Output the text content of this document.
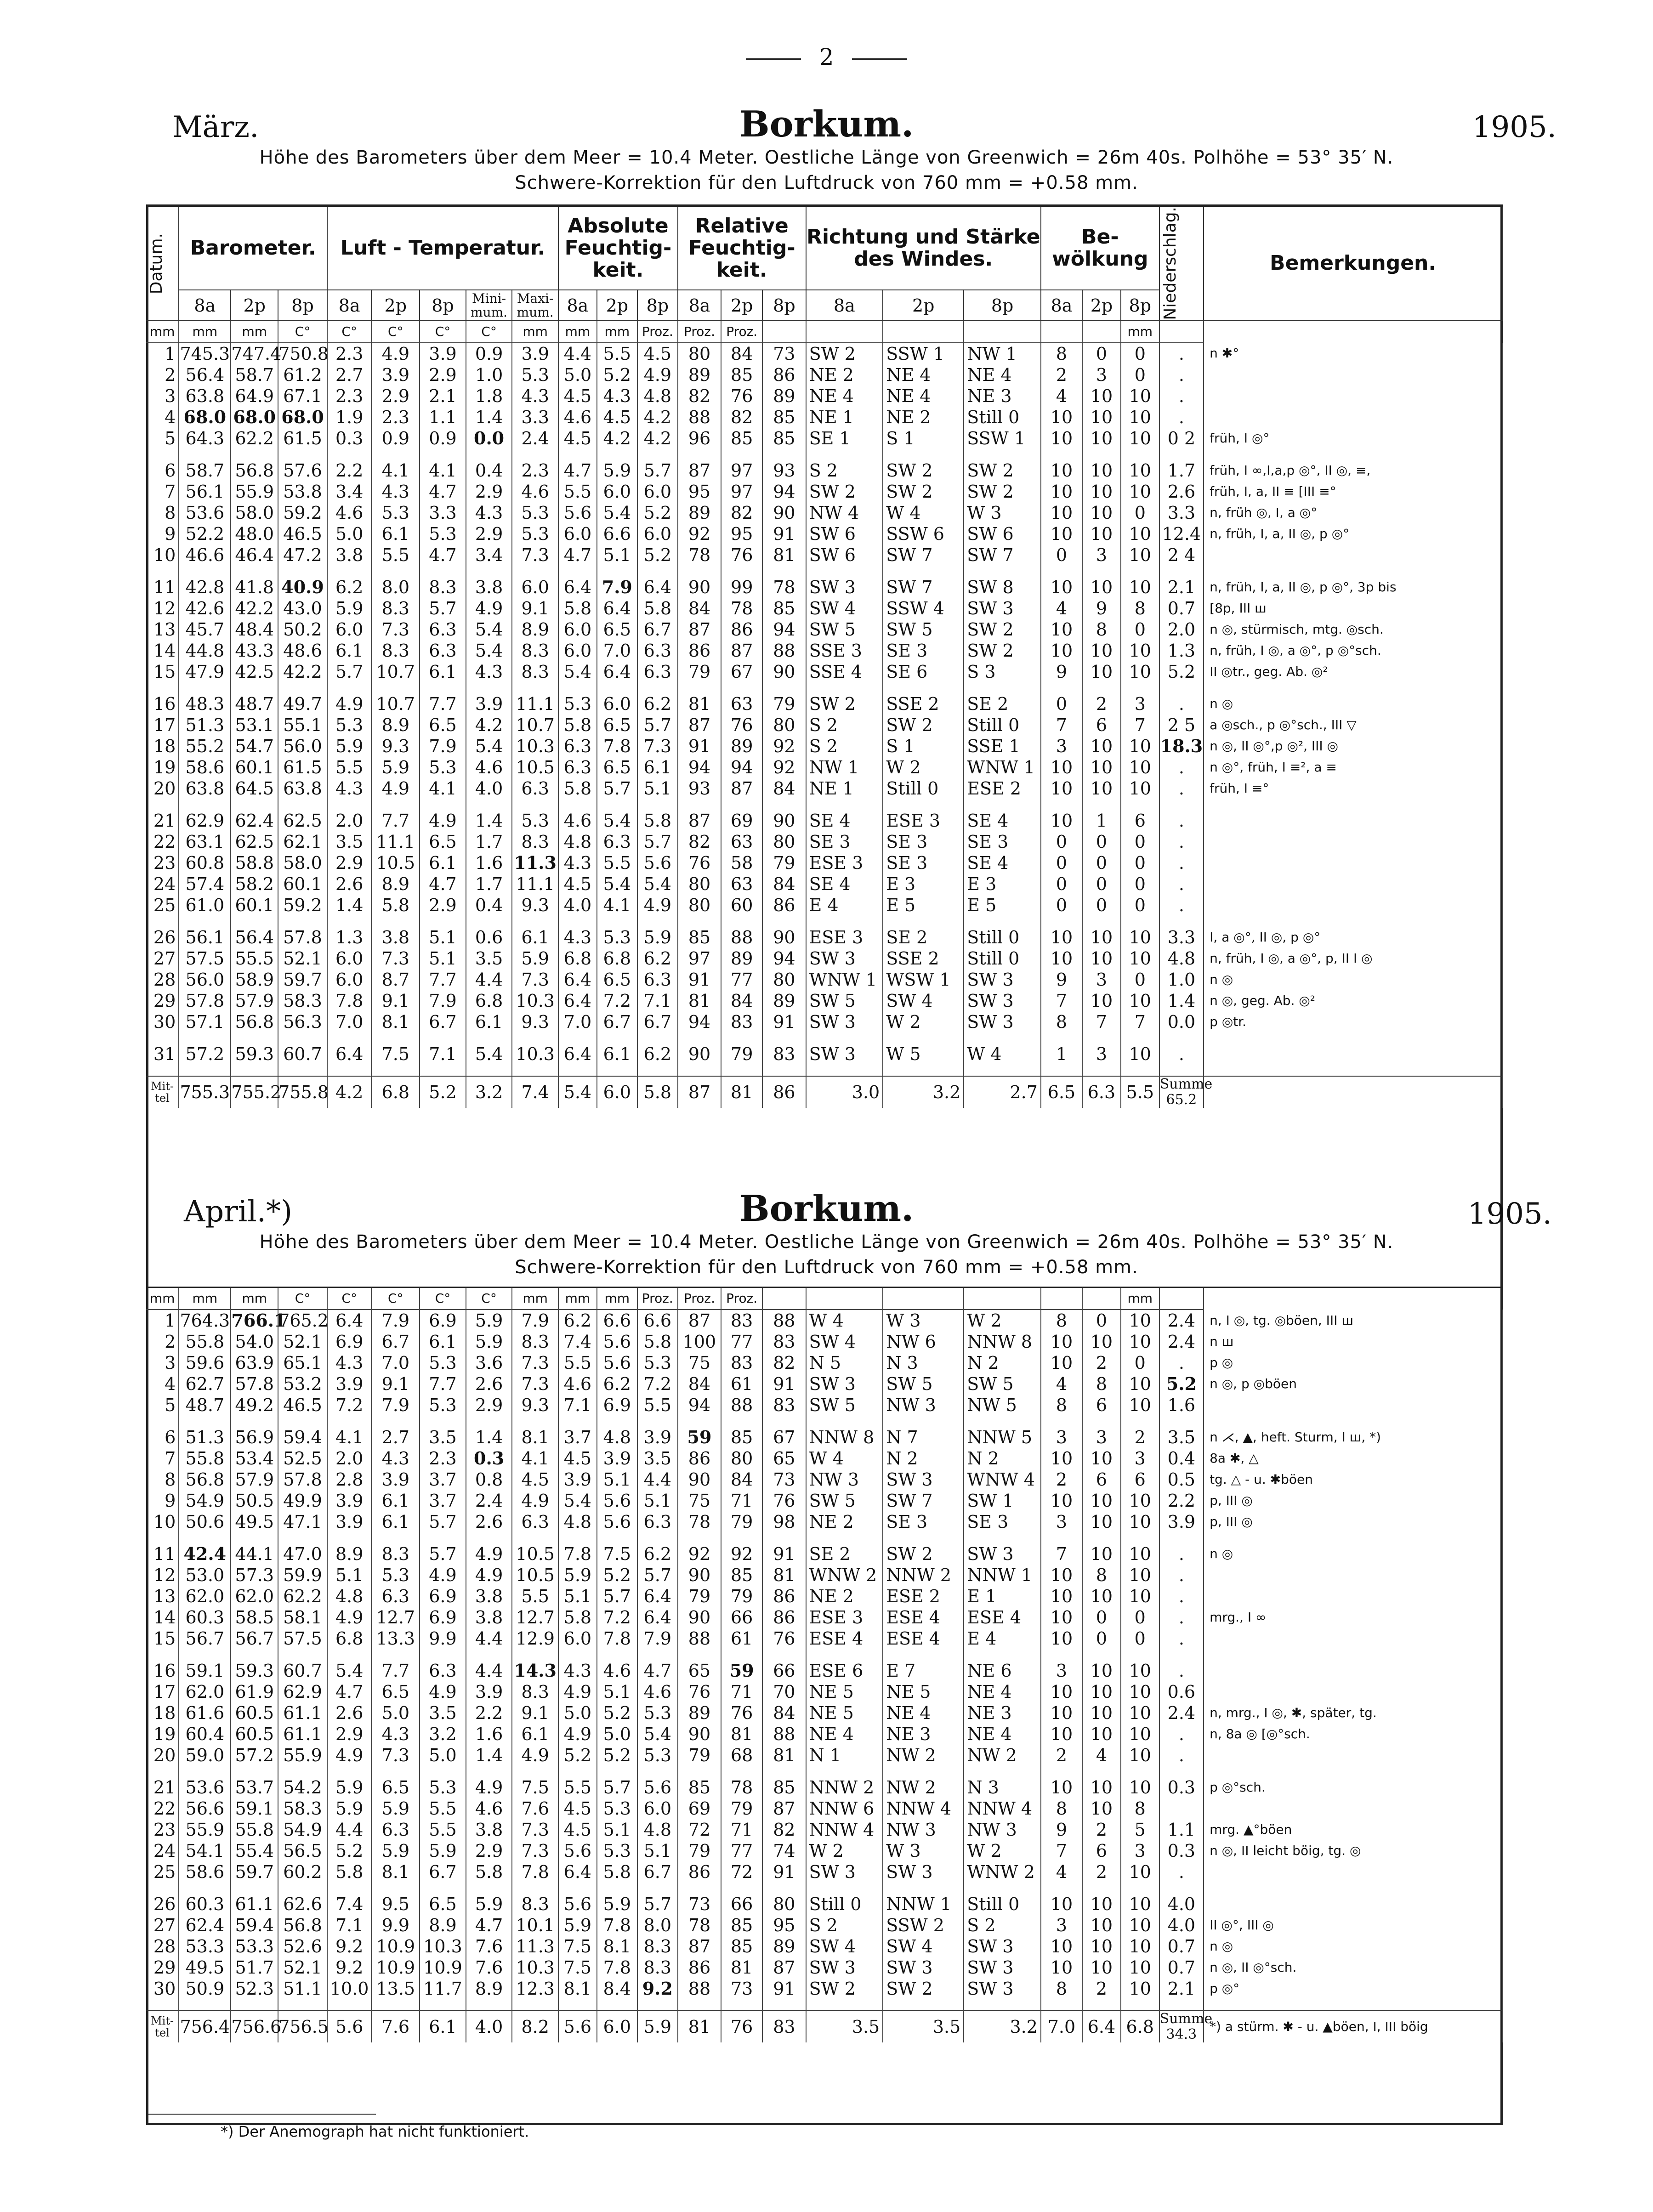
2
März.	Borkum.	1905.
Höhe des Barometers über dem Meer = 10.4 Meter. Oestliche Länge von Greenwich = 26m 40s. Polhöhe = 53° 35′ N.
Schwere-Korrektion für den Luftdruck von 760 mm = +0.58 mm.
Datum.	Barometer.			Luft - Temperatur.					Absolute Feuchtig- keit.			Relative Feuchtig- keit.			Richtung und Stärke des Windes.			Be- wölkung			Niederschlag.	Bemerkungen.
	8a	2p	8p	8a	2p	8p	Mini- mum.	Maxi- mum.	8a	2p	8p	8a	2p	8p	8a	2p	8p	8a	2p	8p		
mm	mm	mm	C°	C°	C°	C°	C°	mm	mm	mm	Proz.	Proz.	Proz.							mm		
1	745.3	747.4	750.8	2.3	4.9	3.9	0.9	3.9	4.4	5.5	4.5	80	84	73	SW 2	SSW 1	NW 1	8	0	0	.	n ✱°
2	56.4	58.7	61.2	2.7	3.9	2.9	1.0	5.3	5.0	5.2	4.9	89	85	86	NE 2	NE 4	NE 4	2	3	0	.	
3	63.8	64.9	67.1	2.3	2.9	2.1	1.8	4.3	4.5	4.3	4.8	82	76	89	NE 4	NE 4	NE 3	4	10	10	.	
4	68.0	68.0	68.0	1.9	2.3	1.1	1.4	3.3	4.6	4.5	4.2	88	82	85	NE 1	NE 2	Still 0	10	10	10	.	
5	64.3	62.2	61.5	0.3	0.9	0.9	0.0	2.4	4.5	4.2	4.2	96	85	85	SE 1	S 1	SSW 1	10	10	10	0 2	früh, I ◎°

6	58.7	56.8	57.6	2.2	4.1	4.1	0.4	2.3	4.7	5.9	5.7	87	97	93	S 2	SW 2	SW 2	10	10	10	1.7	früh, I ∞,I,a,p ◎°, II ◎, ≡,
7	56.1	55.9	53.8	3.4	4.3	4.7	2.9	4.6	5.5	6.0	6.0	95	97	94	SW 2	SW 2	SW 2	10	10	10	2.6	früh, I, a, II ≡ [III ≡°
8	53.6	58.0	59.2	4.6	5.3	3.3	4.3	5.3	5.6	5.4	5.2	89	82	90	NW 4	W 4	W 3	10	10	0	3.3	n, früh ◎, I, a ◎°
9	52.2	48.0	46.5	5.0	6.1	5.3	2.9	5.3	6.0	6.6	6.0	92	95	91	SW 6	SSW 6	SW 6	10	10	10	12.4	n, früh, I, a, II ◎, p ◎°
10	46.6	46.4	47.2	3.8	5.5	4.7	3.4	7.3	4.7	5.1	5.2	78	76	81	SW 6	SW 7	SW 7	0	3	10	2 4	

11	42.8	41.8	40.9	6.2	8.0	8.3	3.8	6.0	6.4	7.9	6.4	90	99	78	SW 3	SW 7	SW 8	10	10	10	2.1	n, früh, I, a, II ◎, p ◎°, 3p bis
12	42.6	42.2	43.0	5.9	8.3	5.7	4.9	9.1	5.8	6.4	5.8	84	78	85	SW 4	SSW 4	SW 3	4	9	8	0.7	[8p, III ш
13	45.7	48.4	50.2	6.0	7.3	6.3	5.4	8.9	6.0	6.5	6.7	87	86	94	SW 5	SW 5	SW 2	10	8	0	2.0	n ◎, stürmisch, mtg. ◎sch.
14	44.8	43.3	48.6	6.1	8.3	6.3	5.4	8.3	6.0	7.0	6.3	86	87	88	SSE 3	SE 3	SW 2	10	10	10	1.3	n, früh, I ◎, a ◎°, p ◎°sch.
15	47.9	42.5	42.2	5.7	10.7	6.1	4.3	8.3	5.4	6.4	6.3	79	67	90	SSE 4	SE 6	S 3	9	10	10	5.2	II ◎tr., geg. Ab. ◎²

16	48.3	48.7	49.7	4.9	10.7	7.7	3.9	11.1	5.3	6.0	6.2	81	63	79	SW 2	SSE 2	SE 2	0	2	3	.	n ◎
17	51.3	53.1	55.1	5.3	8.9	6.5	4.2	10.7	5.8	6.5	5.7	87	76	80	S 2	SW 2	Still 0	7	6	7	2 5	a ◎sch., p ◎°sch., III ▽
18	55.2	54.7	56.0	5.9	9.3	7.9	5.4	10.3	6.3	7.8	7.3	91	89	92	S 2	S 1	SSE 1	3	10	10	18.3	n ◎, II ◎°,p ◎², III ◎
19	58.6	60.1	61.5	5.5	5.9	5.3	4.6	10.5	6.3	6.5	6.1	94	94	92	NW 1	W 2	WNW 1	10	10	10	.	n ◎°, früh, I ≡², a ≡
20	63.8	64.5	63.8	4.3	4.9	4.1	4.0	6.3	5.8	5.7	5.1	93	87	84	NE 1	Still 0	ESE 2	10	10	10	.	früh, I ≡°

21	62.9	62.4	62.5	2.0	7.7	4.9	1.4	5.3	4.6	5.4	5.8	87	69	90	SE 4	ESE 3	SE 4	10	1	6	.	
22	63.1	62.5	62.1	3.5	11.1	6.5	1.7	8.3	4.8	6.3	5.7	82	63	80	SE 3	SE 3	SE 3	0	0	0	.	
23	60.8	58.8	58.0	2.9	10.5	6.1	1.6	11.3	4.3	5.5	5.6	76	58	79	ESE 3	SE 3	SE 4	0	0	0	.	
24	57.4	58.2	60.1	2.6	8.9	4.7	1.7	11.1	4.5	5.4	5.4	80	63	84	SE 4	E 3	E 3	0	0	0	.	
25	61.0	60.1	59.2	1.4	5.8	2.9	0.4	9.3	4.0	4.1	4.9	80	60	86	E 4	E 5	E 5	0	0	0	.	

26	56.1	56.4	57.8	1.3	3.8	5.1	0.6	6.1	4.3	5.3	5.9	85	88	90	ESE 3	SE 2	Still 0	10	10	10	3.3	I, a ◎°, II ◎, p ◎°
27	57.5	55.5	52.1	6.0	7.3	5.1	3.5	5.9	6.8	6.8	6.2	97	89	94	SW 3	SSE 2	Still 0	10	10	10	4.8	n, früh, I ◎, a ◎°, p, II I ◎
28	56.0	58.9	59.7	6.0	8.7	7.7	4.4	7.3	6.4	6.5	6.3	91	77	80	WNW 1	WSW 1	SW 3	9	3	0	1.0	n ◎
29	57.8	57.9	58.3	7.8	9.1	7.9	6.8	10.3	6.4	7.2	7.1	81	84	89	SW 5	SW 4	SW 3	7	10	10	1.4	n ◎, geg. Ab. ◎²
30	57.1	56.8	56.3	7.0	8.1	6.7	6.1	9.3	7.0	6.7	6.7	94	83	91	SW 3	W 2	SW 3	8	7	7	0.0	p ◎tr.

31	57.2	59.3	60.7	6.4	7.5	7.1	5.4	10.3	6.4	6.1	6.2	90	79	83	SW 3	W 5	W 4	1	3	10	.	

Mit- tel	755.3	755.2	755.8	4.2	6.8	5.2	3.2	7.4	5.4	6.0	5.8	87	81	86	3.0	3.2	2.7	6.5	6.3	5.5	Summe 65.2	
April.*)	Borkum.	1905.
Höhe des Barometers über dem Meer = 10.4 Meter. Oestliche Länge von Greenwich = 26m 40s. Polhöhe = 53° 35′ N.
Schwere-Korrektion für den Luftdruck von 760 mm = +0.58 mm.
mm	mm	mm	C°	C°	C°	C°	C°	mm	mm	mm	Proz.	Proz.	Proz.							mm		
1	764.3	766.1	765.2	6.4	7.9	6.9	5.9	7.9	6.2	6.6	6.6	87	83	88	W 4	W 3	W 2	8	0	10	2.4	n, I ◎, tg. ◎böen, III ш
2	55.8	54.0	52.1	6.9	6.7	6.1	5.9	8.3	7.4	5.6	5.8	100	77	83	SW 4	NW 6	NNW 8	10	10	10	2.4	n ш
3	59.6	63.9	65.1	4.3	7.0	5.3	3.6	7.3	5.5	5.6	5.3	75	83	82	N 5	N 3	N 2	10	2	0	.	p ◎
4	62.7	57.8	53.2	3.9	9.1	7.7	2.6	7.3	4.6	6.2	7.2	84	61	91	SW 3	SW 5	SW 5	4	8	10	5.2	n ◎, p ◎böen
5	48.7	49.2	46.5	7.2	7.9	5.3	2.9	9.3	7.1	6.9	5.5	94	88	83	SW 5	NW 3	NW 5	8	6	10	1.6	

6	51.3	56.9	59.4	4.1	2.7	3.5	1.4	8.1	3.7	4.8	3.9	59	85	67	NNW 8	N 7	NNW 5	3	3	2	3.5	n ⋌, ▲, heft. Sturm, I ш, *)
7	55.8	53.4	52.5	2.0	4.3	2.3	0.3	4.1	4.5	3.9	3.5	86	80	65	W 4	N 2	N 2	10	10	3	0.4	8a ✱, △
8	56.8	57.9	57.8	2.8	3.9	3.7	0.8	4.5	3.9	5.1	4.4	90	84	73	NW 3	SW 3	WNW 4	2	6	6	0.5	tg. △ - u. ✱böen
9	54.9	50.5	49.9	3.9	6.1	3.7	2.4	4.9	5.4	5.6	5.1	75	71	76	SW 5	SW 7	SW 1	10	10	10	2.2	p, III ◎
10	50.6	49.5	47.1	3.9	6.1	5.7	2.6	6.3	4.8	5.6	6.3	78	79	98	NE 2	SE 3	SE 3	3	10	10	3.9	p, III ◎

11	42.4	44.1	47.0	8.9	8.3	5.7	4.9	10.5	7.8	7.5	6.2	92	92	91	SE 2	SW 2	SW 3	7	10	10	.	n ◎
12	53.0	57.3	59.9	5.1	5.3	4.9	4.9	10.5	5.9	5.2	5.7	90	85	81	WNW 2	NNW 2	NNW 1	10	8	10	.	
13	62.0	62.0	62.2	4.8	6.3	6.9	3.8	5.5	5.1	5.7	6.4	79	79	86	NE 2	ESE 2	E 1	10	10	10	.	
14	60.3	58.5	58.1	4.9	12.7	6.9	3.8	12.7	5.8	7.2	6.4	90	66	86	ESE 3	ESE 4	ESE 4	10	0	0	.	mrg., I ∞
15	56.7	56.7	57.5	6.8	13.3	9.9	4.4	12.9	6.0	7.8	7.9	88	61	76	ESE 4	ESE 4	E 4	10	0	0	.	

16	59.1	59.3	60.7	5.4	7.7	6.3	4.4	14.3	4.3	4.6	4.7	65	59	66	ESE 6	E 7	NE 6	3	10	10	.	
17	62.0	61.9	62.9	4.7	6.5	4.9	3.9	8.3	4.9	5.1	4.6	76	71	70	NE 5	NE 5	NE 4	10	10	10	0.6	
18	61.6	60.5	61.1	2.6	5.0	3.5	2.2	9.1	5.0	5.2	5.3	89	76	84	NE 5	NE 4	NE 3	10	10	10	2.4	n, mrg., I ◎, ✱, später, tg.
19	60.4	60.5	61.1	2.9	4.3	3.2	1.6	6.1	4.9	5.0	5.4	90	81	88	NE 4	NE 3	NE 4	10	10	10	.	n, 8a ◎ [◎°sch.
20	59.0	57.2	55.9	4.9	7.3	5.0	1.4	4.9	5.2	5.2	5.3	79	68	81	N 1	NW 2	NW 2	2	4	10	.	

21	53.6	53.7	54.2	5.9	6.5	5.3	4.9	7.5	5.5	5.7	5.6	85	78	85	NNW 2	NW 2	N 3	10	10	10	0.3	p ◎°sch.
22	56.6	59.1	58.3	5.9	5.9	5.5	4.6	7.6	4.5	5.3	6.0	69	79	87	NNW 6	NNW 4	NNW 4	8	10	8		
23	55.9	55.8	54.9	4.4	6.3	5.5	3.8	7.3	4.5	5.1	4.8	72	71	82	NNW 4	NW 3	NW 3	9	2	5	1.1	mrg. ▲°böen
24	54.1	55.4	56.5	5.2	5.9	5.9	2.9	7.3	5.6	5.3	5.1	79	77	74	W 2	W 3	W 2	7	6	3	0.3	n ◎, II leicht böig, tg. ◎
25	58.6	59.7	60.2	5.8	8.1	6.7	5.8	7.8	6.4	5.8	6.7	86	72	91	SW 3	SW 3	WNW 2	4	2	10	.	

26	60.3	61.1	62.6	7.4	9.5	6.5	5.9	8.3	5.6	5.9	5.7	73	66	80	Still 0	NNW 1	Still 0	10	10	10	4.0	
27	62.4	59.4	56.8	7.1	9.9	8.9	4.7	10.1	5.9	7.8	8.0	78	85	95	S 2	SSW 2	S 2	3	10	10	4.0	II ◎°, III ◎
28	53.3	53.3	52.6	9.2	10.9	10.3	7.6	11.3	7.5	8.1	8.3	87	85	89	SW 4	SW 4	SW 3	10	10	10	0.7	n ◎
29	49.5	51.7	52.1	9.2	10.9	10.9	7.6	10.3	7.5	7.8	8.3	86	81	87	SW 3	SW 3	SW 3	10	10	10	0.7	n ◎, II ◎°sch.
30	50.9	52.3	51.1	10.0	13.5	11.7	8.9	12.3	8.1	8.4	9.2	88	73	91	SW 2	SW 2	SW 3	8	2	10	2.1	p ◎°

Mit- tel	756.4	756.6	756.5	5.6	7.6	6.1	4.0	8.2	5.6	6.0	5.9	81	76	83	3.5	3.5	3.2	7.0	6.4	6.8	Summe 34.3	*) a stürm. ✱ - u. ▲böen, I, III böig
*) Der Anemograph hat nicht funktioniert.
